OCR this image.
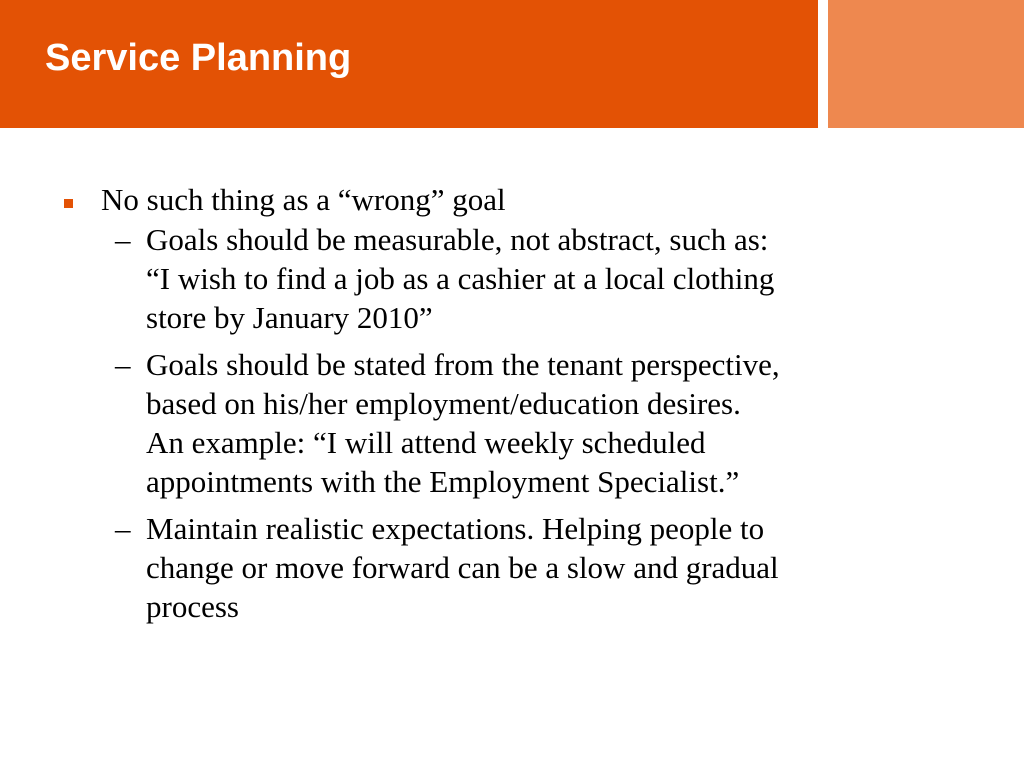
Service Planning
No such thing as a “wrong” goal
– Goals should be measurable, not abstract, such as:
“I wish to find a job as a cashier at a local clothing
store by January 2010”
– Goals should be stated from the tenant perspective,
based on his/her employment/education desires.
An example: “I will attend weekly scheduled
appointments with the Employment Specialist.”
– Maintain realistic expectations. Helping people to
change or move forward can be a slow and gradual
process
